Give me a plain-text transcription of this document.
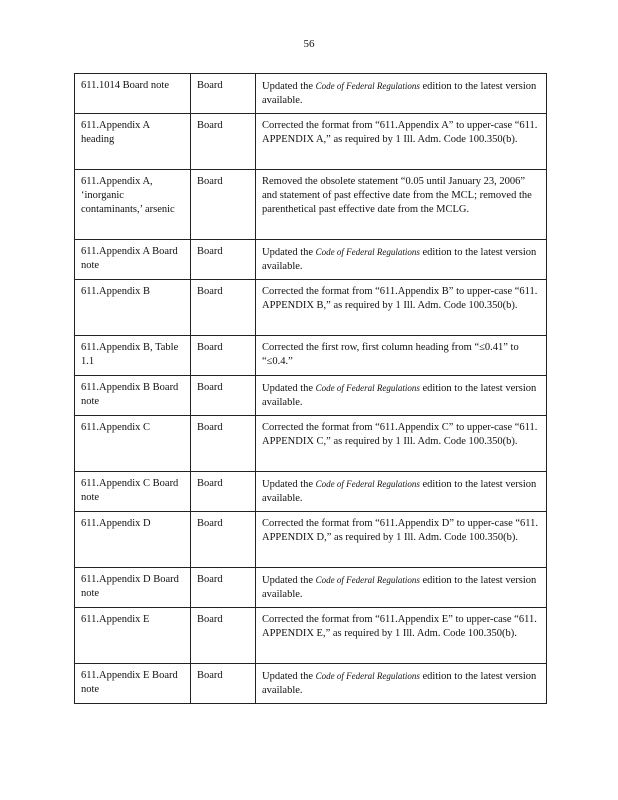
56
611.1014 Board note	Board	Updated the Code of Federal Regulations edition to the latest version available.
611.Appendix A heading	Board	Corrected the format from “611.Appendix A” to upper-case “611. APPENDIX A,” as required by 1 Ill. Adm. Code 100.350(b).
611.Appendix A, ‘inorganic contaminants,’ arsenic	Board	Removed the obsolete statement “0.05 until January 23, 2006” and statement of past effective date from the MCL; removed the parenthetical past effective date from the MCLG.
611.Appendix A Board note	Board	Updated the Code of Federal Regulations edition to the latest version available.
611.Appendix B	Board	Corrected the format from “611.Appendix B” to upper-case “611. APPENDIX B,” as required by 1 Ill. Adm. Code 100.350(b).
611.Appendix B, Table 1.1	Board	Corrected the first row, first column heading from “≤0.41” to “≤0.4.”
611.Appendix B Board note	Board	Updated the Code of Federal Regulations edition to the latest version available.
611.Appendix C	Board	Corrected the format from “611.Appendix C” to upper-case “611. APPENDIX C,” as required by 1 Ill. Adm. Code 100.350(b).
611.Appendix C Board note	Board	Updated the Code of Federal Regulations edition to the latest version available.
611.Appendix D	Board	Corrected the format from “611.Appendix D” to upper-case “611. APPENDIX D,” as required by 1 Ill. Adm. Code 100.350(b).
611.Appendix D Board note	Board	Updated the Code of Federal Regulations edition to the latest version available.
611.Appendix E	Board	Corrected the format from “611.Appendix E” to upper-case “611. APPENDIX E,” as required by 1 Ill. Adm. Code 100.350(b).
611.Appendix E Board note	Board	Updated the Code of Federal Regulations edition to the latest version available.
